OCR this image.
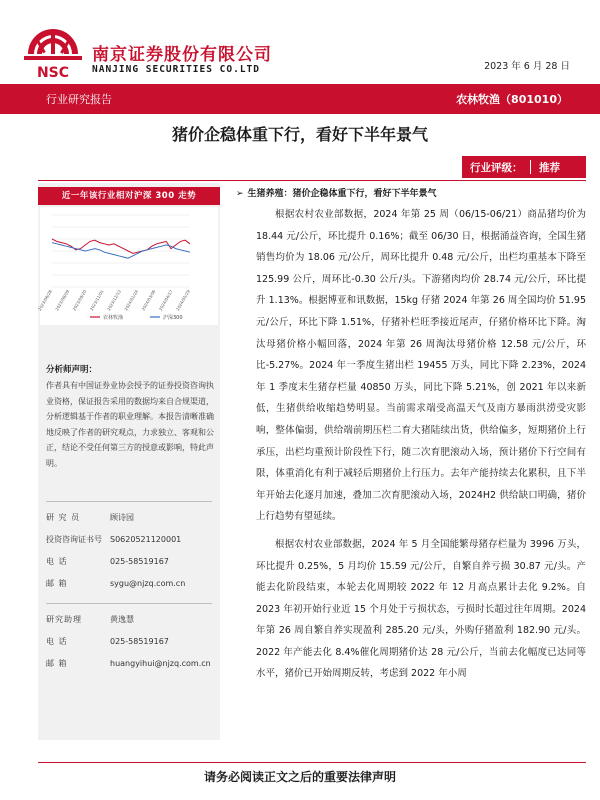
NSC
南京证券股份有限公司
NANJING SECURITIES CO.LTD	2023 年 6 月 28 日
行业研究报告	农林牧渔（801010）
猪价企稳体重下行，看好下半年景气
行业评级：	推荐
近一年该行业相对沪深 300 走势
2023/06/28 2023/08/09 2023/09/20 2023/11/01 2023/12/13 2024/01/24 2024/03/06 2024/04/17 2024/05/29
农林牧渔	沪深300
分析师声明：
作者具有中国证券业协会授予的证券投资咨询执业资格，保证报告采用的数据均来自合规渠道，分析逻辑基于作者的职业理解。本报告清晰准确地反映了作者的研究观点，力求独立、客观和公正，结论不受任何第三方的授意或影响，特此声明。
研 究 员	顾诗园
投资咨询证书号	S0620521120001
电 话	025-58519167
邮 箱	sygu@njzq.com.cn
研究助理	黄逸慧
电 话	025-58519167
邮 箱	huangyihui@njzq.com.cn
➢ 生猪养殖：猪价企稳体重下行，看好下半年景气

根据农村农业部数据，2024 年第 25 周（06/15-06/21）商品猪均价为 18.44 元/公斤，环比提升 0.16%；截至 06/30 日，根据涌益咨询，全国生猪销售均价为 18.06 元/公斤，周环比提升 0.48 元/公斤，出栏均重基本下降至 125.99 公斤，周环比-0.30 公斤/头。下游猪肉均价 28.74 元/公斤，环比提升 1.13%。根据博亚和讯数据，15kg 仔猪 2024 年第 26 周全国均价 51.95 元/公斤，环比下降 1.51%，仔猪补栏旺季接近尾声，仔猪价格环比下降。淘汰母猪价格小幅回落，2024 年第 26 周淘汰母猪价格 12.58 元/公斤，环比-5.27%。2024 年一季度生猪出栏 19455 万头，同比下降 2.23%，2024 年 1 季度末生猪存栏量 40850 万头，同比下降 5.21%，创 2021 年以来新低，生猪供给收缩趋势明显。当前需求端受高温天气及南方暴雨洪涝受灾影响，整体偏弱，供给端前期压栏二育大猪陆续出货，供给偏多，短期猪价上行承压，出栏均重预计阶段性下行，随二次育肥滚动入场，预计猪价下行空间有限，体重消化有利于减轻后期猪价上行压力。去年产能持续去化累积，且下半年开始去化逐月加速，叠加二次育肥滚动入场，2024H2 供给缺口明确，猪价上行趋势有望延续。

根据农村农业部数据，2024 年 5 月全国能繁母猪存栏量为 3996 万头，环比提升 0.25%，5 月均价 15.59 元/公斤，自繁自养亏损 30.87 元/头。产能去化阶段结束，本轮去化周期较 2022 年 12 月高点累计去化 9.2%。自 2023 年初开始行业近 15 个月处于亏损状态，亏损时长超过往年周期。2024 年第 26 周自繁自养实现盈利 285.20 元/头，外购仔猪盈利 182.90 元/头。2022 年产能去化 8.4%催化周期猪价达 28 元/公斤，当前去化幅度已达同等水平，猪价已开始周期反转，考虑到 2022 年小周

请务必阅读正文之后的重要法律声明
